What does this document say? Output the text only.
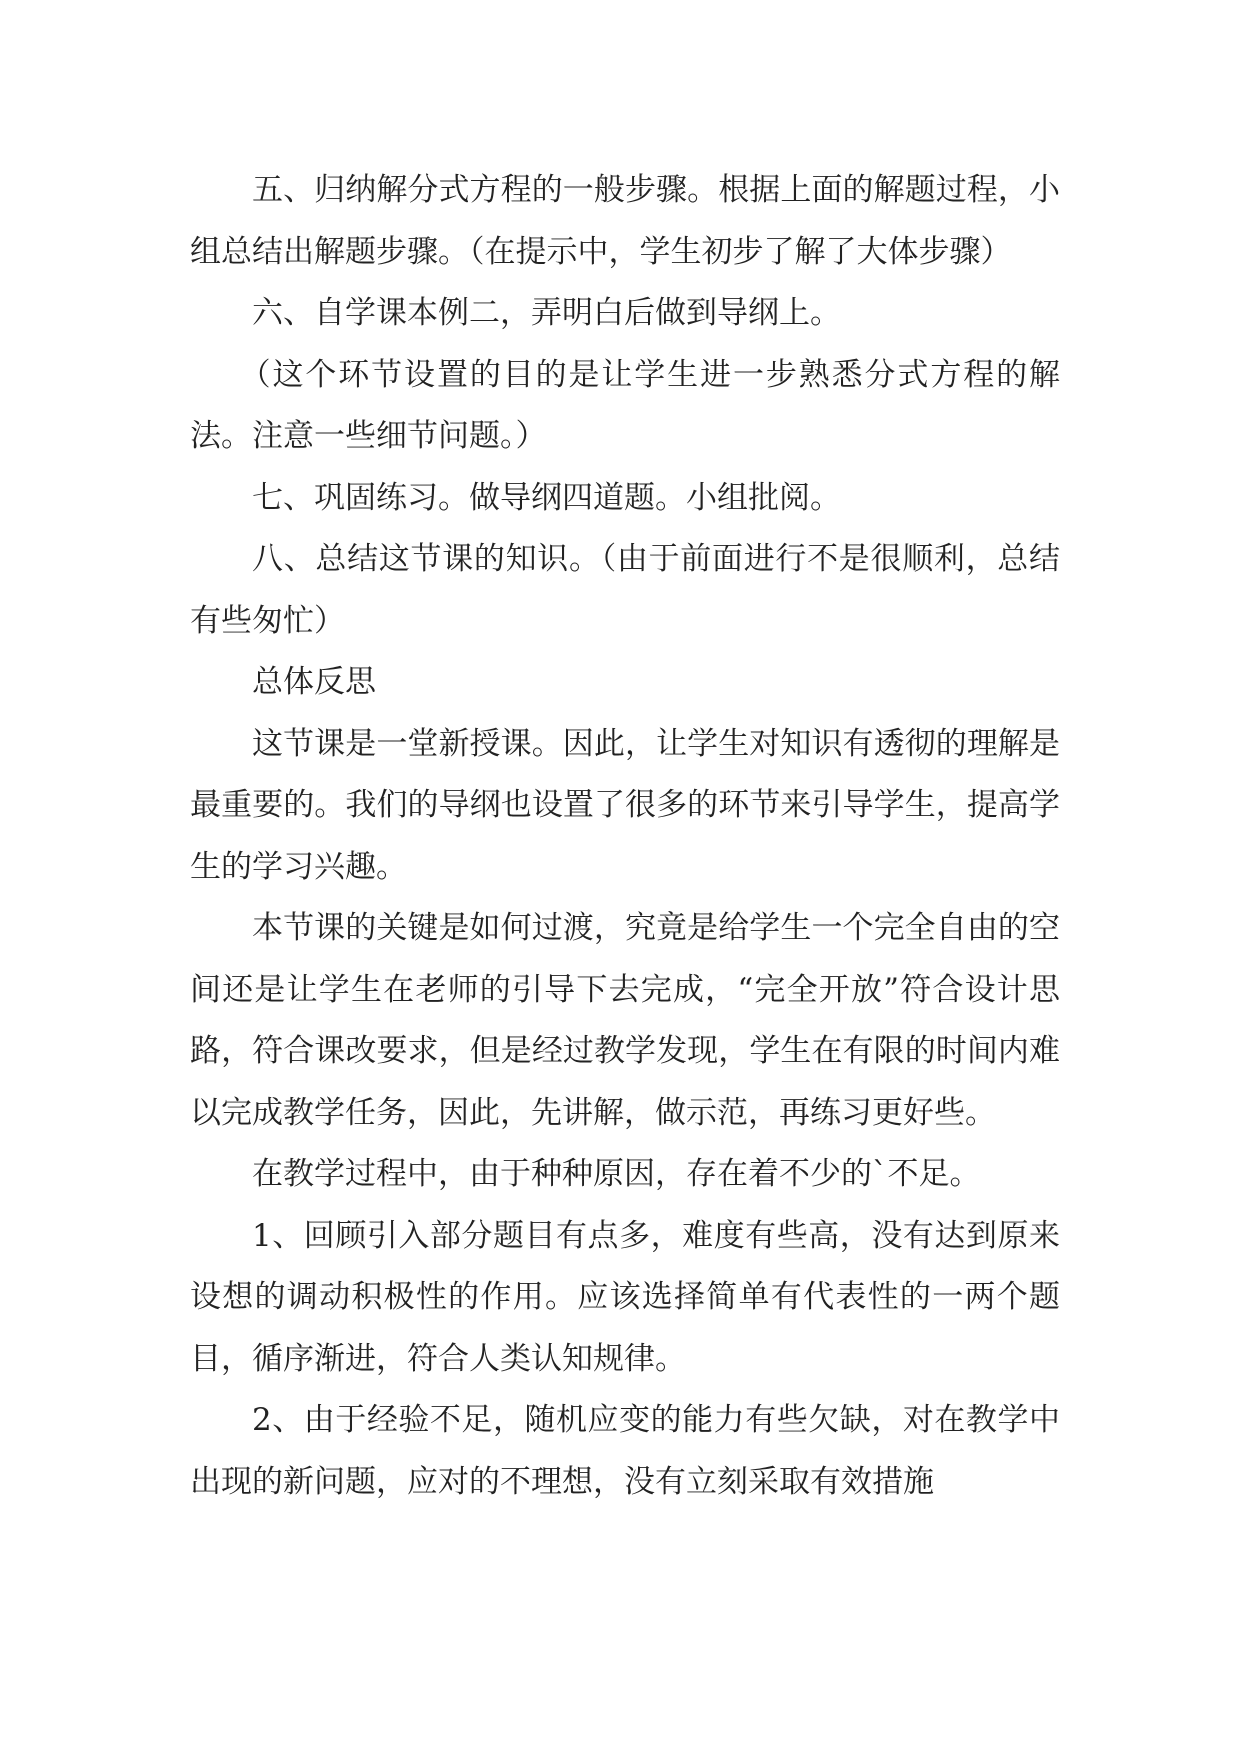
五、归纳解分式方程的一般步骤。根据上面的解题过程，小组总结出解题步骤。（在提示中，学生初步了解了大体步骤）

六、自学课本例二，弄明白后做到导纲上。

（这个环节设置的目的是让学生进一步熟悉分式方程的解法。注意一些细节问题。）

七、巩固练习。做导纲四道题。小组批阅。

八、总结这节课的知识。（由于前面进行不是很顺利，总结有些匆忙）

总体反思

这节课是一堂新授课。因此，让学生对知识有透彻的理解是最重要的。我们的导纲也设置了很多的环节来引导学生，提高学生的学习兴趣。

本节课的关键是如何过渡，究竟是给学生一个完全自由的空间还是让学生在老师的引导下去完成，“完全开放”符合设计思路，符合课改要求，但是经过教学发现，学生在有限的时间内难以完成教学任务，因此，先讲解，做示范，再练习更好些。

在教学过程中，由于种种原因，存在着不少的`不足。

1、回顾引入部分题目有点多，难度有些高，没有达到原来设想的调动积极性的作用。应该选择简单有代表性的一两个题目，循序渐进，符合人类认知规律。

2、由于经验不足，随机应变的能力有些欠缺，对在教学中出现的新问题，应对的不理想，没有立刻采取有效措施
